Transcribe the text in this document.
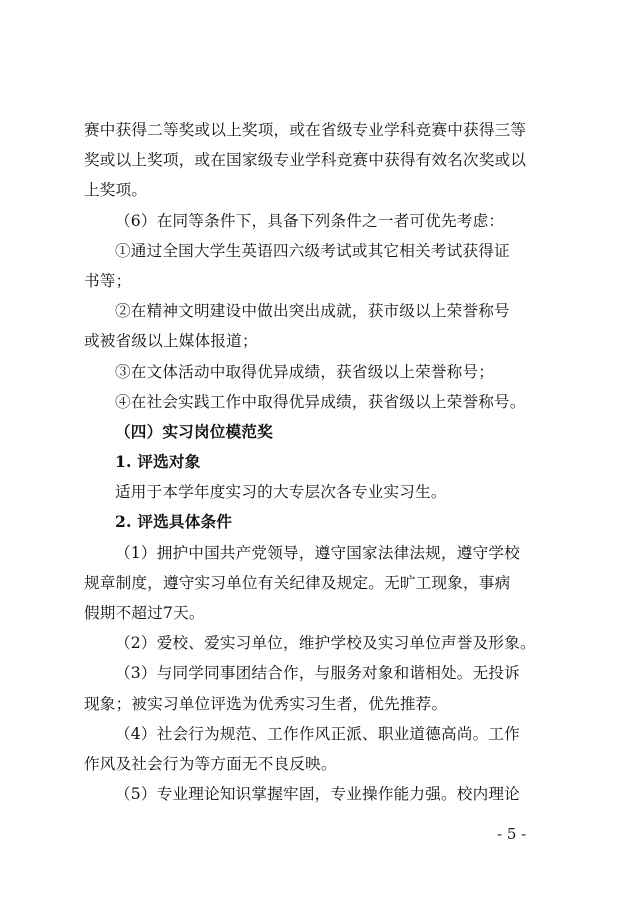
赛中获得二等奖或以上奖项，或在省级专业学科竞赛中获得三等
奖或以上奖项，或在国家级专业学科竞赛中获得有效名次奖或以
上奖项。
（6）在同等条件下，具备下列条件之一者可优先考虑：
①通过全国大学生英语四六级考试或其它相关考试获得证
书等；
②在精神文明建设中做出突出成就，获市级以上荣誉称号
或被省级以上媒体报道；
③在文体活动中取得优异成绩，获省级以上荣誉称号；
④在社会实践工作中取得优异成绩，获省级以上荣誉称号。
（四）实习岗位模范奖
1. 评选对象
适用于本学年度实习的大专层次各专业实习生。
2. 评选具体条件
（1）拥护中国共产党领导，遵守国家法律法规，遵守学校
规章制度，遵守实习单位有关纪律及规定。无旷工现象，事病
假期不超过7天。
（2）爱校、爱实习单位，维护学校及实习单位声誉及形象。
（3）与同学同事团结合作，与服务对象和谐相处。无投诉
现象；被实习单位评选为优秀实习生者，优先推荐。
（4）社会行为规范、工作作风正派、职业道德高尚。工作
作风及社会行为等方面无不良反映。
（5）专业理论知识掌握牢固，专业操作能力强。校内理论
- 5 -
